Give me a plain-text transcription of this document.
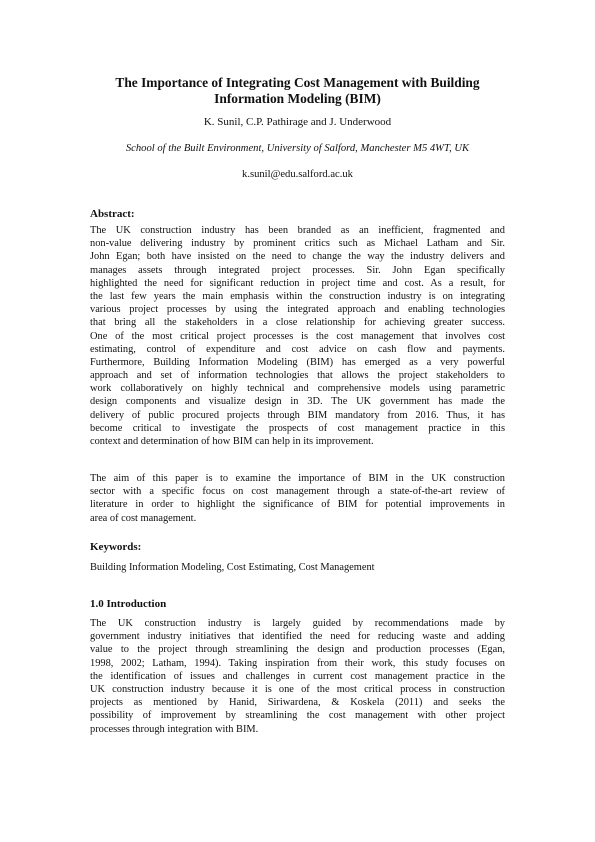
The Importance of Integrating Cost Management with Building
Information Modeling (BIM)
K. Sunil, C.P. Pathirage and J. Underwood
School of the Built Environment, University of Salford, Manchester M5 4WT, UK
k.sunil@edu.salford.ac.uk
Abstract:
The UK construction industry has been branded as an inefficient, fragmented and
non-value delivering industry by prominent critics such as Michael Latham and Sir.
John Egan; both have insisted on the need to change the way the industry delivers and
manages assets through integrated project processes. Sir. John Egan specifically
highlighted the need for significant reduction in project time and cost. As a result, for
the last few years the main emphasis within the construction industry is on integrating
various project processes by using the integrated approach and enabling technologies
that bring all the stakeholders in a close relationship for achieving greater success.
One of the most critical project processes is the cost management that involves cost
estimating, control of expenditure and cost advice on cash flow and payments.
Furthermore, Building Information Modeling (BIM) has emerged as a very powerful
approach and set of information technologies that allows the project stakeholders to
work collaboratively on highly technical and comprehensive models using parametric
design components and visualize design in 3D. The UK government has made the
delivery of public procured projects through BIM mandatory from 2016. Thus, it has
become critical to investigate the prospects of cost management practice in this
context and determination of how BIM can help in its improvement.
The aim of this paper is to examine the importance of BIM in the UK construction
sector with a specific focus on cost management through a state-of-the-art review of
literature in order to highlight the significance of BIM for potential improvements in
area of cost management.
Keywords:
Building Information Modeling, Cost Estimating, Cost Management
1.0 Introduction
The UK construction industry is largely guided by recommendations made by
government industry initiatives that identified the need for reducing waste and adding
value to the project through streamlining the design and production processes (Egan,
1998, 2002; Latham, 1994). Taking inspiration from their work, this study focuses on
the identification of issues and challenges in current cost management practice in the
UK construction industry because it is one of the most critical process in construction
projects as mentioned by Hanid, Siriwardena, & Koskela (2011) and seeks the
possibility of improvement by streamlining the cost management with other project
processes through integration with BIM.
